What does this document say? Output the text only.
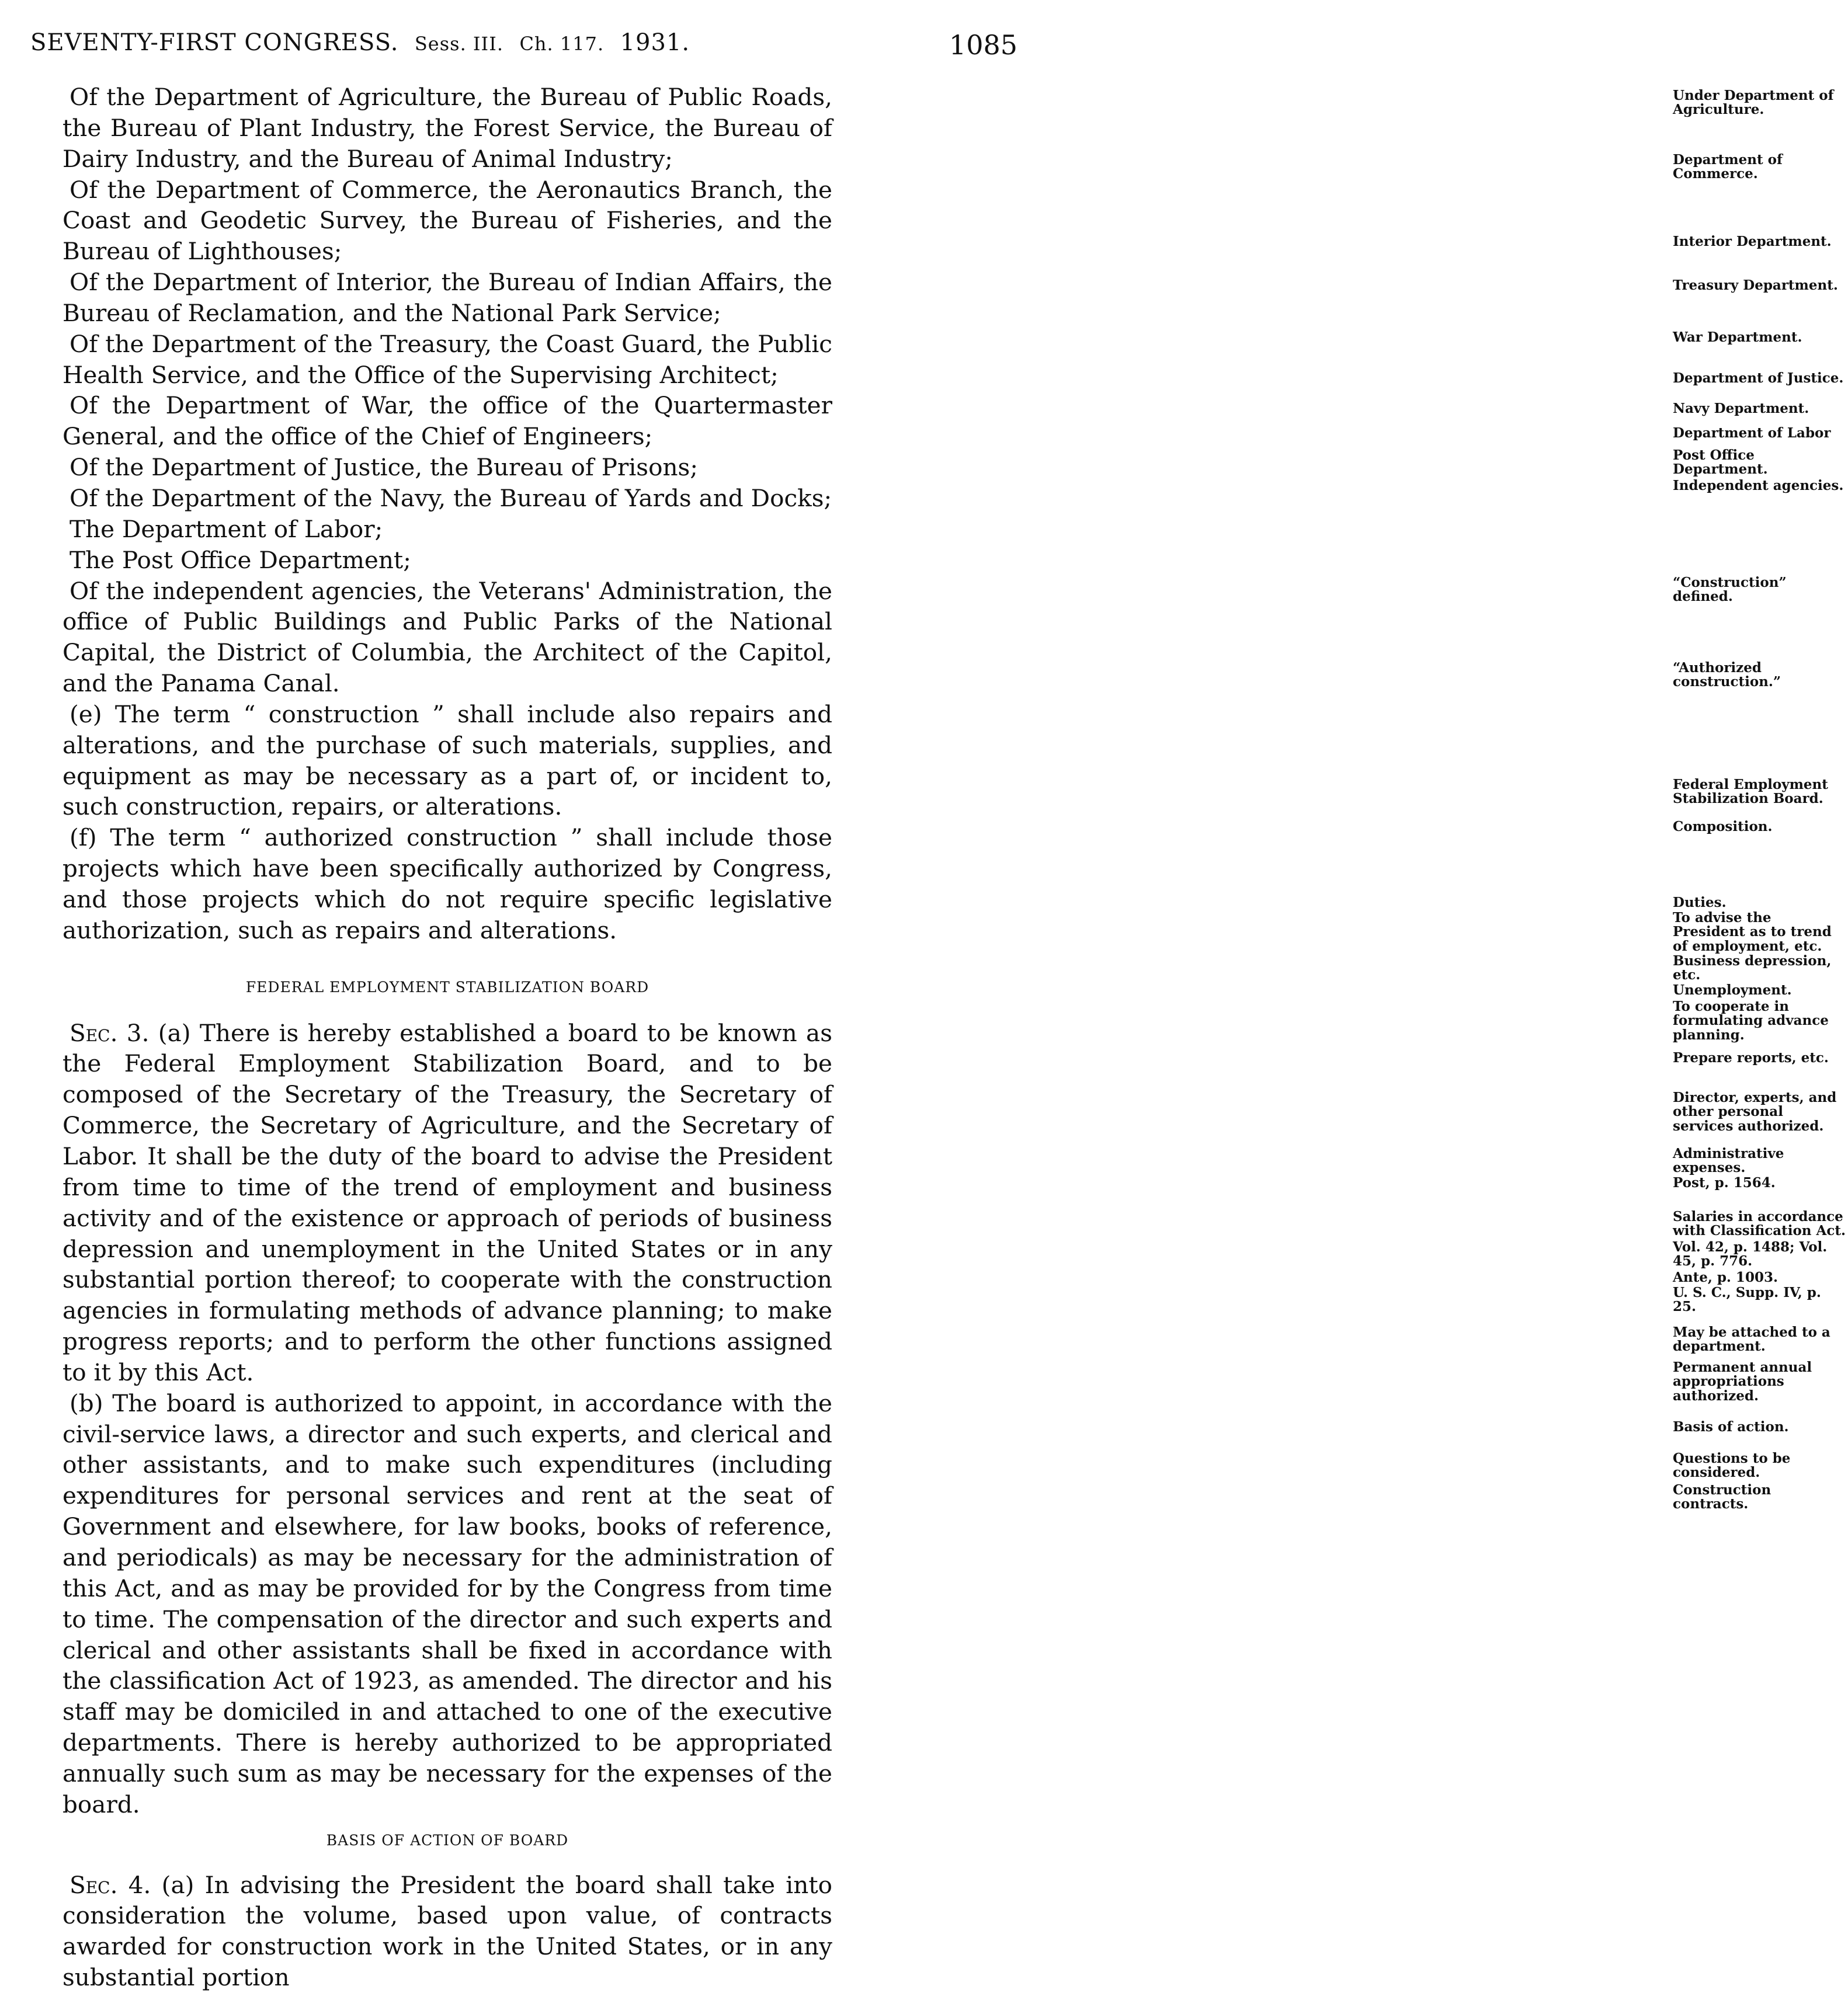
SEVENTY-FIRST CONGRESS. Sess. III. Ch. 117. 1931.	1085

Of the Department of Agriculture, the Bureau of Public Roads, the Bureau of Plant Industry, the Forest Service, the Bureau of Dairy Industry, and the Bureau of Animal Industry;

Of the Department of Commerce, the Aeronautics Branch, the Coast and Geodetic Survey, the Bureau of Fisheries, and the Bureau of Lighthouses;

Of the Department of Interior, the Bureau of Indian Affairs, the Bureau of Reclamation, and the National Park Service;

Of the Department of the Treasury, the Coast Guard, the Public Health Service, and the Office of the Supervising Architect;

Of the Department of War, the office of the Quartermaster General, and the office of the Chief of Engineers;

Of the Department of Justice, the Bureau of Prisons;

Of the Department of the Navy, the Bureau of Yards and Docks;

The Department of Labor;

The Post Office Department;

Of the independent agencies, the Veterans' Administration, the office of Public Buildings and Public Parks of the National Capital, the District of Columbia, the Architect of the Capitol, and the Panama Canal.

(e) The term “ construction ” shall include also repairs and alterations, and the purchase of such materials, supplies, and equipment as may be necessary as a part of, or incident to, such construction, repairs, or alterations.

(f) The term “ authorized construction ” shall include those projects which have been specifically authorized by Congress, and those projects which do not require specific legislative authorization, such as repairs and alterations.

FEDERAL EMPLOYMENT STABILIZATION BOARD

Sec. 3. (a) There is hereby established a board to be known as the Federal Employment Stabilization Board, and to be composed of the Secretary of the Treasury, the Secretary of Commerce, the Secretary of Agriculture, and the Secretary of Labor. It shall be the duty of the board to advise the President from time to time of the trend of employment and business activity and of the existence or approach of periods of business depression and unemployment in the United States or in any substantial portion thereof; to cooperate with the construction agencies in formulating methods of advance planning; to make progress reports; and to perform the other functions assigned to it by this Act.

(b) The board is authorized to appoint, in accordance with the civil-service laws, a director and such experts, and clerical and other assistants, and to make such expenditures (including expenditures for personal services and rent at the seat of Government and elsewhere, for law books, books of reference, and periodicals) as may be necessary for the administration of this Act, and as may be provided for by the Congress from time to time. The compensation of the director and such experts and clerical and other assistants shall be fixed in accordance with the classification Act of 1923, as amended. The director and his staff may be domiciled in and attached to one of the executive departments. There is hereby authorized to be appropriated annually such sum as may be necessary for the expenses of the board.

BASIS OF ACTION OF BOARD

Sec. 4. (a) In advising the President the board shall take into consideration the volume, based upon value, of contracts awarded for construction work in the United States, or in any substantial portion

Under Department of Agriculture.
Department of Commerce.
Interior Department.
Treasury Department.
War Department.
Department of Justice.
Navy Department.
Department of Labor
Post Office Department.
Independent agencies.
“Construction” defined.
“Authorized construction.”
Federal Employment Stabilization Board.
Composition.
Duties.
To advise the President as to trend of employment, etc.
Business depression, etc.
Unemployment.
To cooperate in formulating advance planning.
Prepare reports, etc.
Director, experts, and other personal services authorized.
Administrative expenses.
Post, p. 1564.
Salaries in accordance with Classification Act.
Vol. 42, p. 1488; Vol. 45, p. 776.
Ante, p. 1003.
U. S. C., Supp. IV, p. 25.
May be attached to a department.
Permanent annual appropriations authorized.
Basis of action.
Questions to be considered.
Construction contracts.
